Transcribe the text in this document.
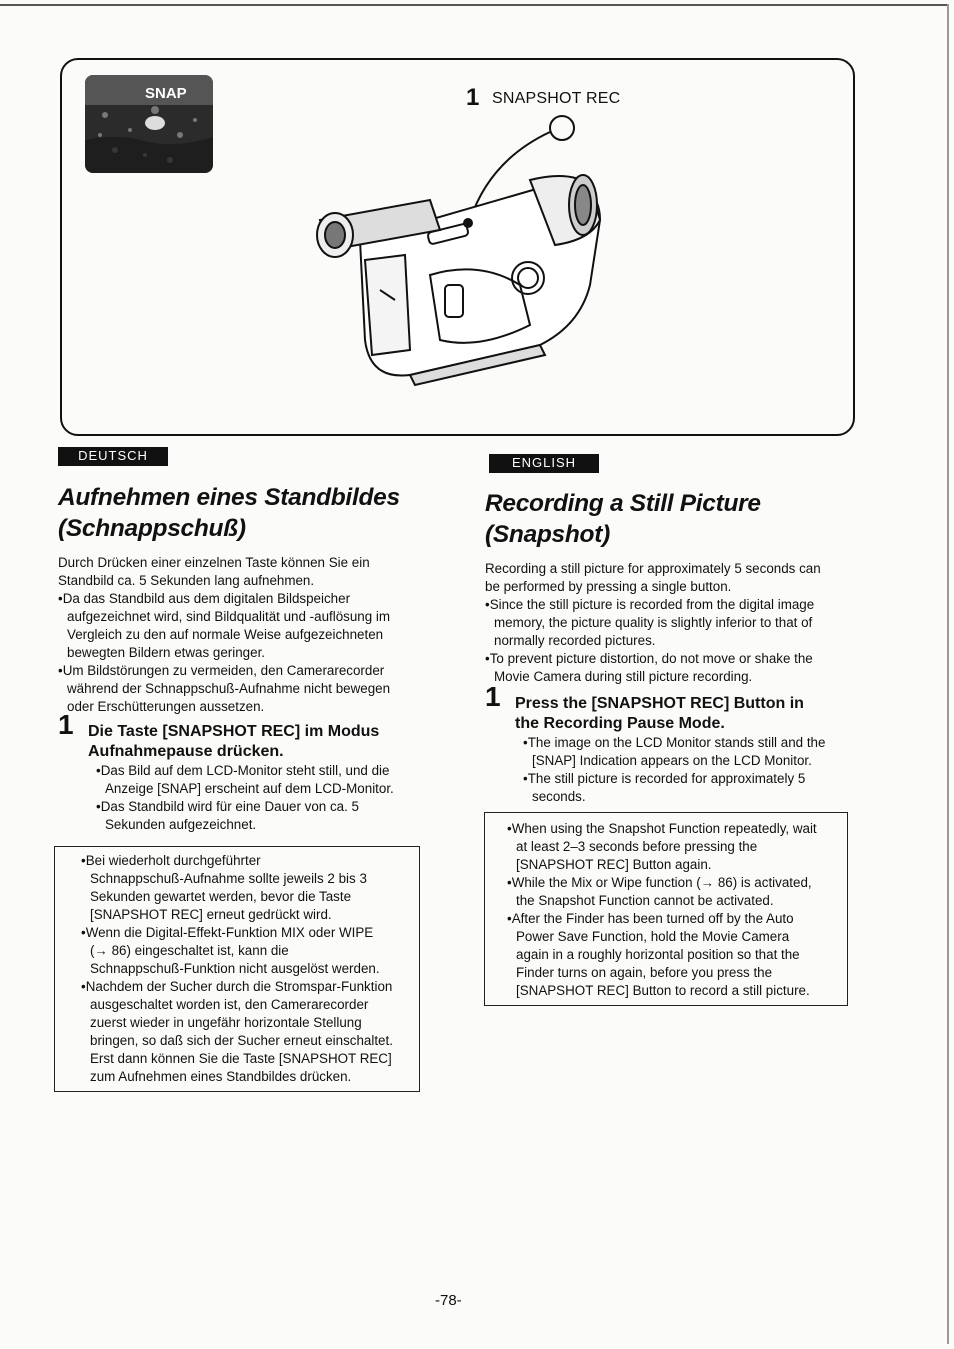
SNAP	1 SNAPSHOT REC
DEUTSCH

Aufnehmen eines Standbildes

(Schnappschuß)

Durch Drücken einer einzelnen Taste können Sie ein

Standbild ca. 5 Sekunden lang aufnehmen.

• Da das Standbild aus dem digitalen Bildspeicher

aufgezeichnet wird, sind Bildqualität und -auflösung im

Vergleich zu den auf normale Weise aufgezeichneten

bewegten Bildern etwas geringer.

• Um Bildstörungen zu vermeiden, den Camerarecorder

während der Schnappschuß-Aufnahme nicht bewegen

oder Erschütterungen aussetzen.

1 Die Taste [SNAPSHOT REC] im Modus

Aufnahmepause drücken.

• Das Bild auf dem LCD-Monitor steht still, und die

Anzeige [SNAP] erscheint auf dem LCD-Monitor.

• Das Standbild wird für eine Dauer von ca. 5

Sekunden aufgezeichnet.

• Bei wiederholt durchgeführter

Schnappschuß-Aufnahme sollte jeweils 2 bis 3

Sekunden gewartet werden, bevor die Taste

[SNAPSHOT REC] erneut gedrückt wird.

• Wenn die Digital-Effekt-Funktion MIX oder WIPE

(→ 86) eingeschaltet ist, kann die

Schnappschuß-Funktion nicht ausgelöst werden.

• Nachdem der Sucher durch die Stromspar-Funktion

ausgeschaltet worden ist, den Camerarecorder

zuerst wieder in ungefähr horizontale Stellung

bringen, so daß sich der Sucher erneut einschaltet.

Erst dann können Sie die Taste [SNAPSHOT REC]

zum Aufnehmen eines Standbildes drücken.

ENGLISH

Recording a Still Picture

(Snapshot)

Recording a still picture for approximately 5 seconds can

be performed by pressing a single button.

• Since the still picture is recorded from the digital image

memory, the picture quality is slightly inferior to that of

normally recorded pictures.

• To prevent picture distortion, do not move or shake the

Movie Camera during still picture recording.

1 Press the [SNAPSHOT REC] Button in

the Recording Pause Mode.

• The image on the LCD Monitor stands still and the

[SNAP] Indication appears on the LCD Monitor.

• The still picture is recorded for approximately 5

seconds.

• When using the Snapshot Function repeatedly, wait

at least 2–3 seconds before pressing the

[SNAPSHOT REC] Button again.

• While the Mix or Wipe function (→ 86) is activated,

the Snapshot Function cannot be activated.

• After the Finder has been turned off by the Auto

Power Save Function, hold the Movie Camera

again in a roughly horizontal position so that the

Finder turns on again, before you press the

[SNAPSHOT REC] Button to record a still picture.

-78-
